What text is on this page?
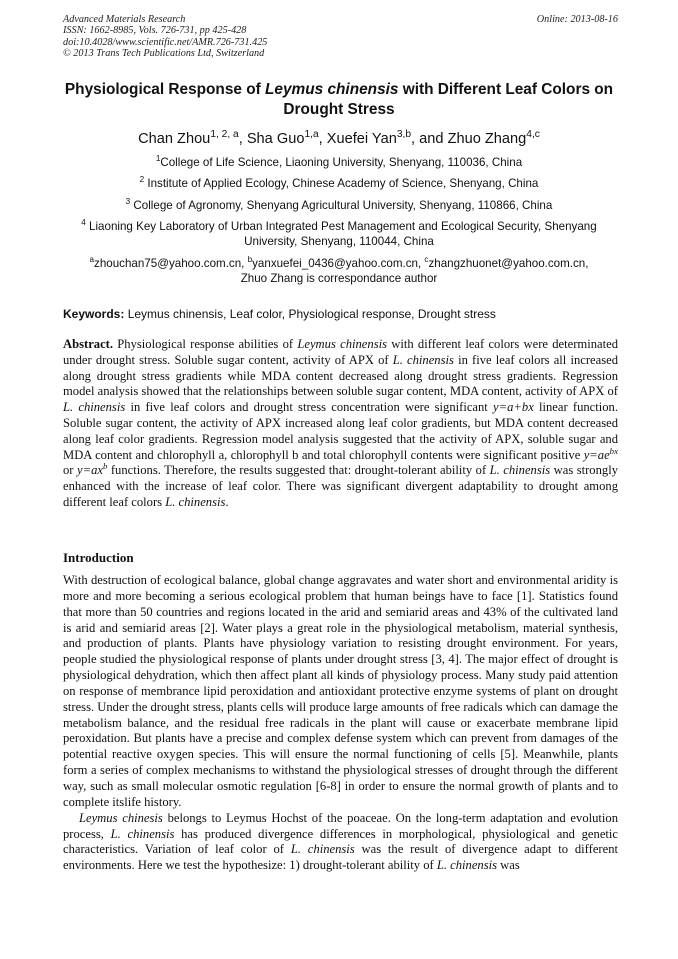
Advanced Materials Research
ISSN: 1662-8985, Vols. 726-731, pp 425-428
doi:10.4028/www.scientific.net/AMR.726-731.425
© 2013 Trans Tech Publications Ltd, Switzerland
Online: 2013-08-16
Physiological Response of Leymus chinensis with Different Leaf Colors on Drought Stress
Chan Zhou$^{1, 2, a}$, Sha Guo$^{1,a}$, Xuefei Yan$^{3,b}$, and Zhuo Zhang$^{4,c}$

$^1$College of Life Science, Liaoning University, Shenyang, 110036, China

$^2$ Institute of Applied Ecology, Chinese Academy of Science, Shenyang, China

$^3$ College of Agronomy, Shenyang Agricultural University, Shenyang, 110866, China

$^4$ Liaoning Key Laboratory of Urban Integrated Pest Management and Ecological Security, Shenyang University, Shenyang, 110044, China

$^a$zhouchan75@yahoo.com.cn, $^b$yanxuefei_0436@yahoo.com.cn, $^c$zhangzhuonet@yahoo.com.cn,
Zhuo Zhang is correspondance author

Keywords: Leymus chinensis, Leaf color, Physiological response, Drought stress
Abstract. Physiological response abilities of Leymus chinensis with different leaf colors were determinated under drought stress. Soluble sugar content, activity of APX of L. chinensis in five leaf colors all increased along drought stress gradients while MDA content decreased along drought stress gradients. Regression model analysis showed that the relationships between soluble sugar content, MDA content, activity of APX of L. chinensis in five leaf colors and drought stress concentration were significant y=a+bx linear function. Soluble sugar content, the activity of APX increased along leaf color gradients, but MDA content decreased along leaf color gradients. Regression model analysis suggested that the activity of APX, soluble sugar and MDA content and chlorophyll a, chlorophyll b and total chlorophyll contents were significant positive $y=ae^{bx}$ or $y=ax^b$ functions. Therefore, the results suggested that: drought-tolerant ability of L. chinensis was strongly enhanced with the increase of leaf color. There was significant divergent adaptability to drought among different leaf colors L. chinensis.
Introduction

With destruction of ecological balance, global change aggravates and water short and environmental aridity is more and more becoming a serious ecological problem that human beings have to face [1]. Statistics found that more than 50 countries and regions located in the arid and semiarid areas and 43% of the cultivated land is arid and semiarid areas [2]. Water plays a great role in the physiological metabolism, material synthesis, and production of plants. Plants have physiology variation to resisting drought environment. For years, people studied the physiological response of plants under drought stress [3, 4]. The major effect of drought is physiological dehydration, which then affect plant all kinds of physiology process. Many study paid attention on response of membrance lipid peroxidation and antioxidant protective enzyme systems of plant on drought stress. Under the drought stress, plants cells will produce large amounts of free radicals which can damage the metabolism balance, and the residual free radicals in the plant will cause or exacerbate membrane lipid peroxidation. But plants have a precise and complex defense system which can prevent from damages of the potential reactive oxygen species. This will ensure the normal functioning of cells [5]. Meanwhile, plants form a series of complex mechanisms to withstand the physiological stresses of drought through the different way, such as small molecular osmotic regulation [6-8] in order to ensure the normal growth of plants and to complete itslife history.

Leymus chinesis belongs to Leymus Hochst of the poaceae. On the long-term adaptation and evolution process, L. chinensis has produced divergence differences in morphological, physiological and genetic characteristics. Variation of leaf color of L. chinensis was the result of divergence adapt to different environments. Here we test the hypothesize: 1) drought-tolerant ability of L. chinensis was
